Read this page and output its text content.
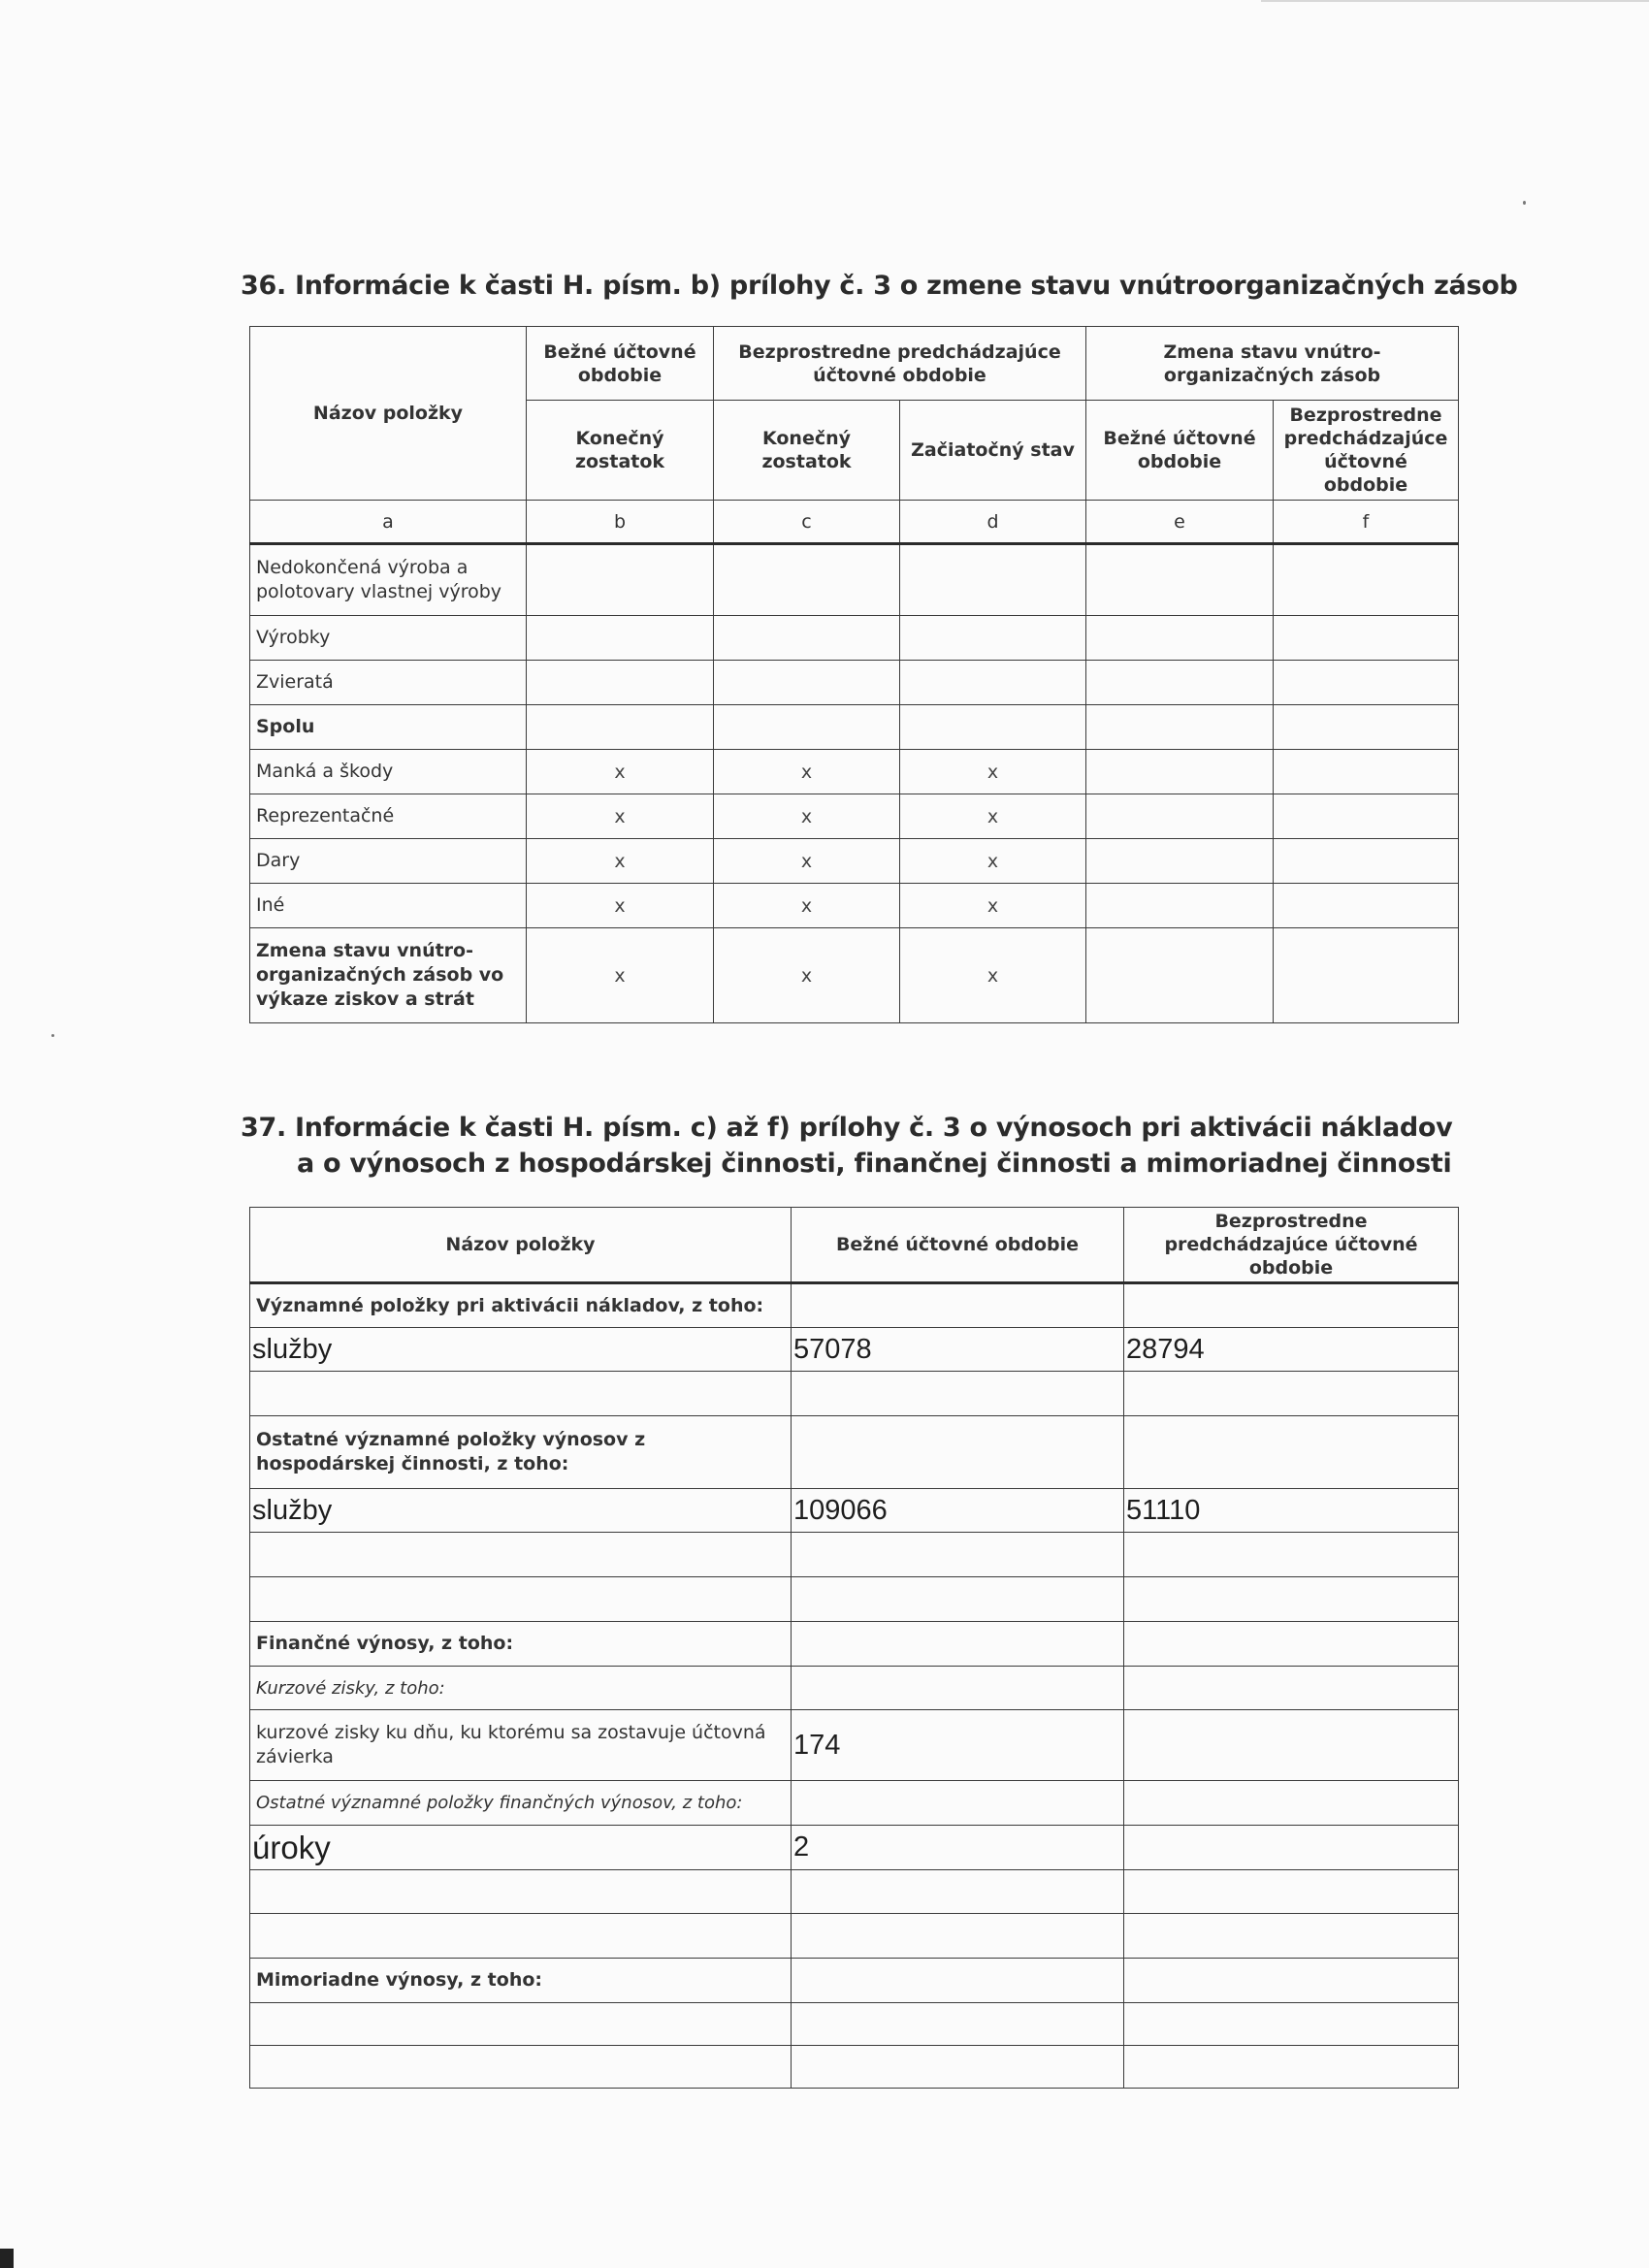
36. Informácie k časti H. písm. b) prílohy č. 3 o zmene stavu vnútroorganizačných zásob
Názov položky	Bežné účtovné obdobie	Bezprostredne predchádzajúce účtovné obdobie		Zmena stavu vnútro-organizačných zásob	
	Konečný zostatok	Konečný zostatok	Začiatočný stav	Bežné účtovné obdobie	Bezprostredne predchádzajúce účtovné obdobie
a	b	c	d	e	f
Nedokončená výroba a polotovary vlastnej výroby					
Výrobky					
Zvieratá					
Spolu					
Manká a škody	x	x	x		
Reprezentačné	x	x	x		
Dary	x	x	x		
Iné	x	x	x		
Zmena stavu vnútro-organizačných zásob vo výkaze ziskov a strát	x	x	x		
37. Informácie k časti H. písm. c) až f) prílohy č. 3 o výnosoch pri aktivácii nákladov
a o výnosoch z hospodárskej činnosti, finančnej činnosti a mimoriadnej činnosti
Názov položky	Bežné účtovné obdobie	Bezprostredne predchádzajúce účtovné obdobie
Významné položky pri aktivácii nákladov, z toho:		
služby	57078	28794

Ostatné významné položky výnosov z hospodárskej činnosti, z toho:		
služby	109066	51110

Finančné výnosy, z toho:		
Kurzové zisky, z toho:		
kurzové zisky ku dňu, ku ktorému sa zostavuje účtovná závierka	174	
Ostatné významné položky finančných výnosov, z toho:		
úroky	2	

Mimoriadne výnosy, z toho:		
